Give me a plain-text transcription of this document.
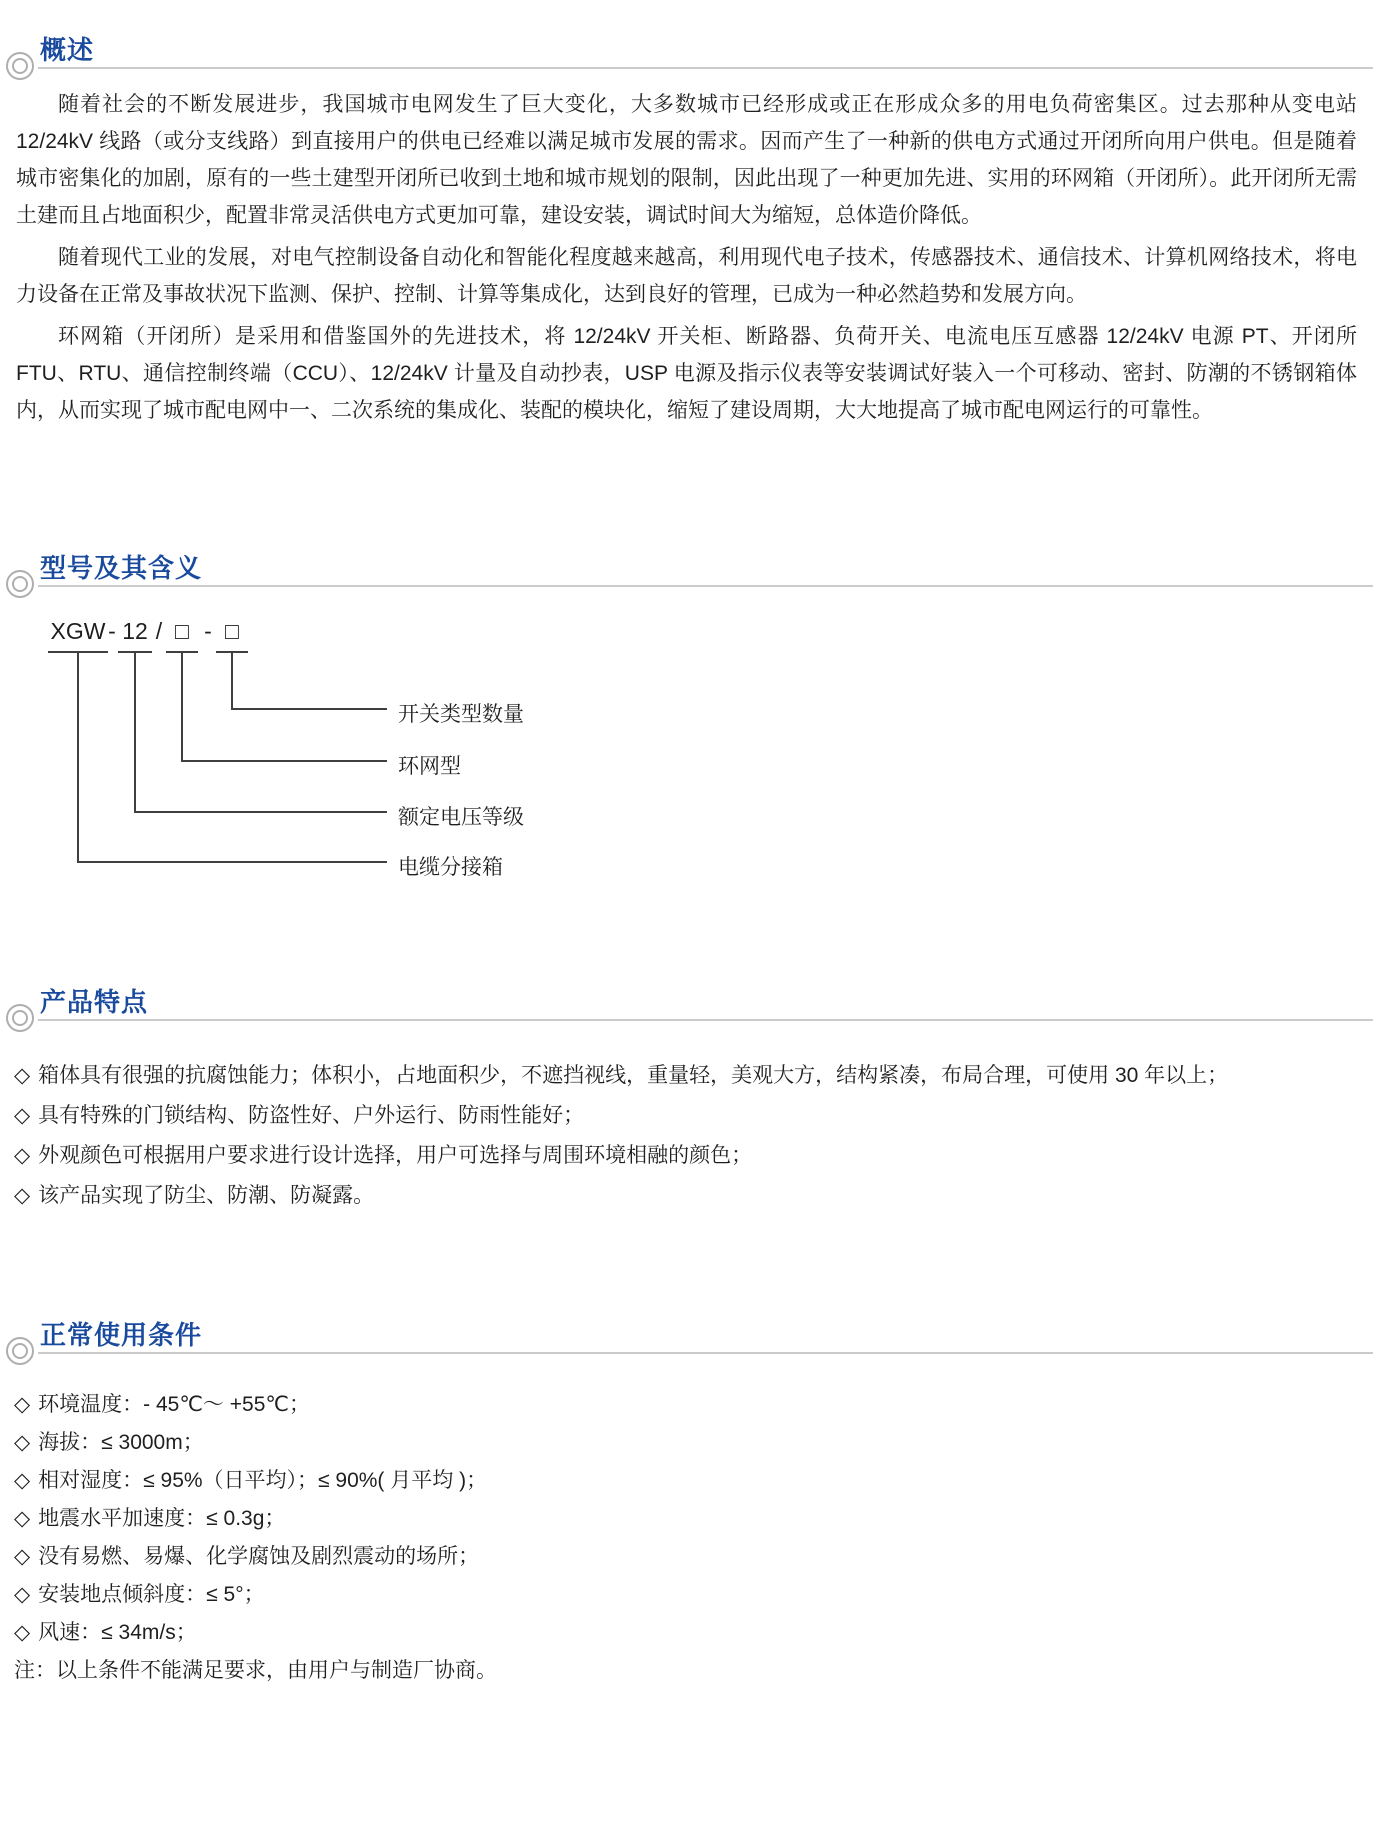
概述

随着社会的不断发展进步，我国城市电网发生了巨大变化，大多数城市已经形成或正在形成众多的用电负荷密集区。过去那种从变电站 12/24kV 线路（或分支线路）到直接用户的供电已经难以满足城市发展的需求。因而产生了一种新的供电方式通过开闭所向用户供电。但是随着城市密集化的加剧，原有的一些土建型开闭所已收到土地和城市规划的限制，因此出现了一种更加先进、实用的环网箱（开闭所）。此开闭所无需土建而且占地面积少，配置非常灵活供电方式更加可靠，建设安装，调试时间大为缩短，总体造价降低。

随着现代工业的发展，对电气控制设备自动化和智能化程度越来越高，利用现代电子技术，传感器技术、通信技术、计算机网络技术，将电力设备在正常及事故状况下监测、保护、控制、计算等集成化，达到良好的管理，已成为一种必然趋势和发展方向。

环网箱（开闭所）是采用和借鉴国外的先进技术，将 12/24kV 开关柜、断路器、负荷开关、电流电压互感器 12/24kV 电源 PT、开闭所 FTU、RTU、通信控制终端（CCU）、12/24kV 计量及自动抄表，USP 电源及指示仪表等安装调试好装入一个可移动、密封、防潮的不锈钢箱体内，从而实现了城市配电网中一、二次系统的集成化、装配的模块化，缩短了建设周期，大大地提高了城市配电网运行的可靠性。

型号及其含义
XGW - 12 / □ - □
开关类型数量
环网型
额定电压等级
电缆分接箱
产品特点
◇ 箱体具有很强的抗腐蚀能力；体积小，占地面积少，不遮挡视线，重量轻，美观大方，结构紧凑，布局合理，可使用 30 年以上；
◇ 具有特殊的门锁结构、防盗性好、户外运行、防雨性能好；
◇ 外观颜色可根据用户要求进行设计选择，用户可选择与周围环境相融的颜色；
◇ 该产品实现了防尘、防潮、防凝露。
正常使用条件
◇ 环境温度：- 45℃～ +55℃；
◇ 海拔：≤ 3000m；
◇ 相对湿度：≤ 95%（日平均）；≤ 90%( 月平均 )；
◇ 地震水平加速度：≤ 0.3g；
◇ 没有易燃、易爆、化学腐蚀及剧烈震动的场所；
◇ 安装地点倾斜度：≤ 5°；
◇ 风速：≤ 34m/s；
注：以上条件不能满足要求，由用户与制造厂协商。
